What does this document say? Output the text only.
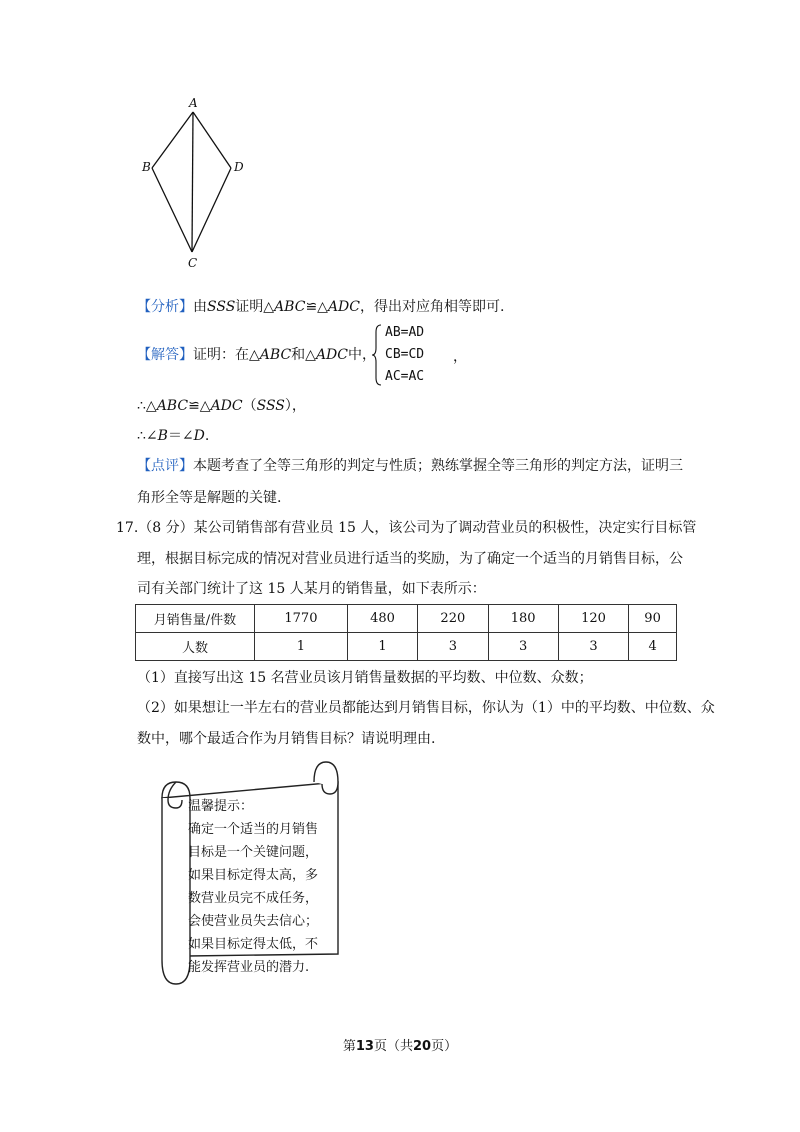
A
B	D
C
【分析】由SSS证明△ABC≌△ADC，得出对应角相等即可.
【解答】证明：在△ABC和△ADC中，
AB=AD
CB=CD
AC=AC
，
∴△ABC≌△ADC（SSS），
∴∠B＝∠D.
【点评】本题考查了全等三角形的判定与性质；熟练掌握全等三角形的判定方法，证明三
角形全等是解题的关键.
17.（8 分）某公司销售部有营业员 15 人，该公司为了调动营业员的积极性，决定实行目标管
理，根据目标完成的情况对营业员进行适当的奖励，为了确定一个适当的月销售目标，公
司有关部门统计了这 15 人某月的销售量，如下表所示：
月销售量/件数	1770	480	220	180	120	90
人数	1	1	3	3	3	4
（1）直接写出这 15 名营业员该月销售量数据的平均数、中位数、众数；
（2）如果想让一半左右的营业员都能达到月销售目标，你认为（1）中的平均数、中位数、众
数中，哪个最适合作为月销售目标？请说明理由.
温馨提示：
确定一个适当的月销售
目标是一个关键问题，
如果目标定得太高，多
数营业员完不成任务，
会使营业员失去信心；
如果目标定得太低，不
能发挥营业员的潜力.
第13页（共20页）
